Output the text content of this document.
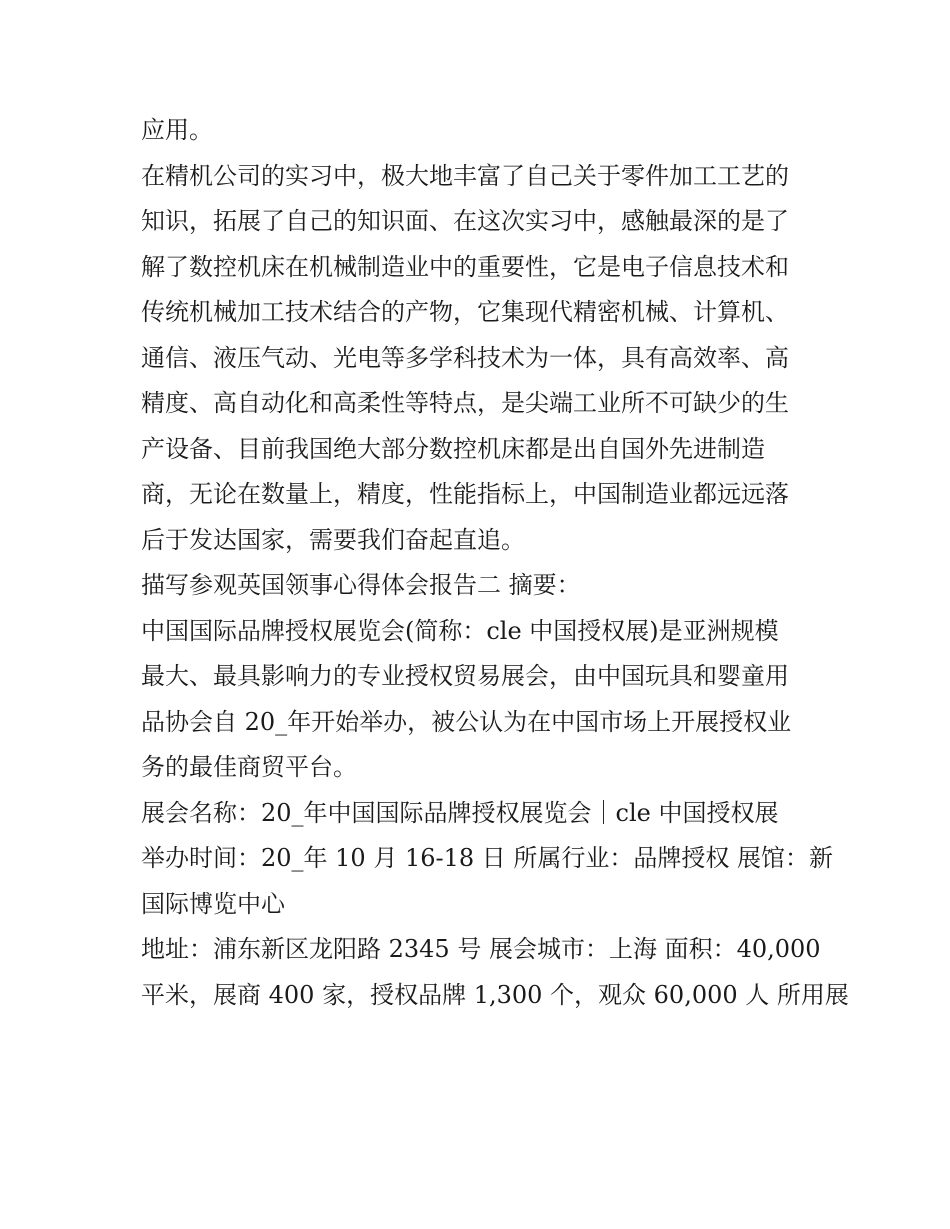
应用。
在精机公司的实习中，极大地丰富了自己关于零件加工工艺的
知识，拓展了自己的知识面、在这次实习中，感触最深的是了
解了数控机床在机械制造业中的重要性，它是电子信息技术和
传统机械加工技术结合的产物，它集现代精密机械、计算机、
通信、液压气动、光电等多学科技术为一体，具有高效率、高
精度、高自动化和高柔性等特点，是尖端工业所不可缺少的生
产设备、目前我国绝大部分数控机床都是出自国外先进制造
商，无论在数量上，精度，性能指标上，中国制造业都远远落
后于发达国家，需要我们奋起直追。
描写参观英国领事心得体会报告二 摘要：
中国国际品牌授权展览会(简称：cle 中国授权展)是亚洲规模
最大、最具影响力的专业授权贸易展会，由中国玩具和婴童用
品协会自 20_年开始举办，被公认为在中国市场上开展授权业
务的最佳商贸平台。
展会名称：20_年中国国际品牌授权展览会｜cle 中国授权展
举办时间：20_年 10 月 16-18 日 所属行业：品牌授权 展馆：新
国际博览中心
地址：浦东新区龙阳路 2345 号 展会城市：上海 面积：40,000
平米，展商 400 家，授权品牌 1,300 个，观众 60,000 人 所用展
